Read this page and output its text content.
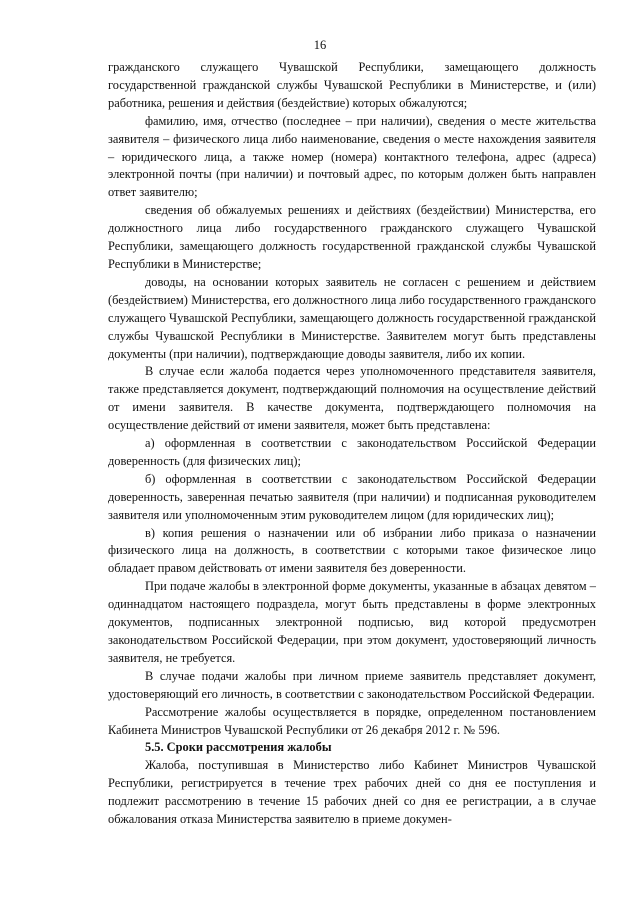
16

гражданского служащего Чувашской Республики, замещающего должность государственной гражданской службы Чувашской Республики в Министерстве, и (или) работника, решения и действия (бездействие) которых обжалуются;

фамилию, имя, отчество (последнее – при наличии), сведения о месте жительства заявителя – физического лица либо наименование, сведения о месте нахождения заявителя – юридического лица, а также номер (номера) контактного телефона, адрес (адреса) электронной почты (при наличии) и почтовый адрес, по которым должен быть направлен ответ заявителю;

сведения об обжалуемых решениях и действиях (бездействии) Министерства, его должностного лица либо государственного гражданского служащего Чувашской Республики, замещающего должность государственной гражданской службы Чувашской Республики в Министерстве;

доводы, на основании которых заявитель не согласен с решением и действием (бездействием) Министерства, его должностного лица либо государственного гражданского служащего Чувашской Республики, замещающего должность государственной гражданской службы Чувашской Республики в Министерстве. Заявителем могут быть представлены документы (при наличии), подтверждающие доводы заявителя, либо их копии.

В случае если жалоба подается через уполномоченного представителя заявителя, также представляется документ, подтверждающий полномочия на осуществление действий от имени заявителя. В качестве документа, подтверждающего полномочия на осуществление действий от имени заявителя, может быть представлена:

а) оформленная в соответствии с законодательством Российской Федерации доверенность (для физических лиц);

б) оформленная в соответствии с законодательством Российской Федерации доверенность, заверенная печатью заявителя (при наличии) и подписанная руководителем заявителя или уполномоченным этим руководителем лицом (для юридических лиц);

в) копия решения о назначении или об избрании либо приказа о назначении физического лица на должность, в соответствии с которыми такое физическое лицо обладает правом действовать от имени заявителя без доверенности.

При подаче жалобы в электронной форме документы, указанные в абзацах девятом – одиннадцатом настоящего подраздела, могут быть представлены в форме электронных документов, подписанных электронной подписью, вид которой предусмотрен законодательством Российской Федерации, при этом документ, удостоверяющий личность заявителя, не требуется.

В случае подачи жалобы при личном приеме заявитель представляет документ, удостоверяющий его личность, в соответствии с законодательством Российской Федерации.

Рассмотрение жалобы осуществляется в порядке, определенном постановлением Кабинета Министров Чувашской Республики от 26 декабря 2012 г. № 596.

5.5. Сроки рассмотрения жалобы

Жалоба, поступившая в Министерство либо Кабинет Министров Чувашской Республики, регистрируется в течение трех рабочих дней со дня ее поступления и подлежит рассмотрению в течение 15 рабочих дней со дня ее регистрации, а в случае обжалования отказа Министерства заявителю в приеме докумен-
